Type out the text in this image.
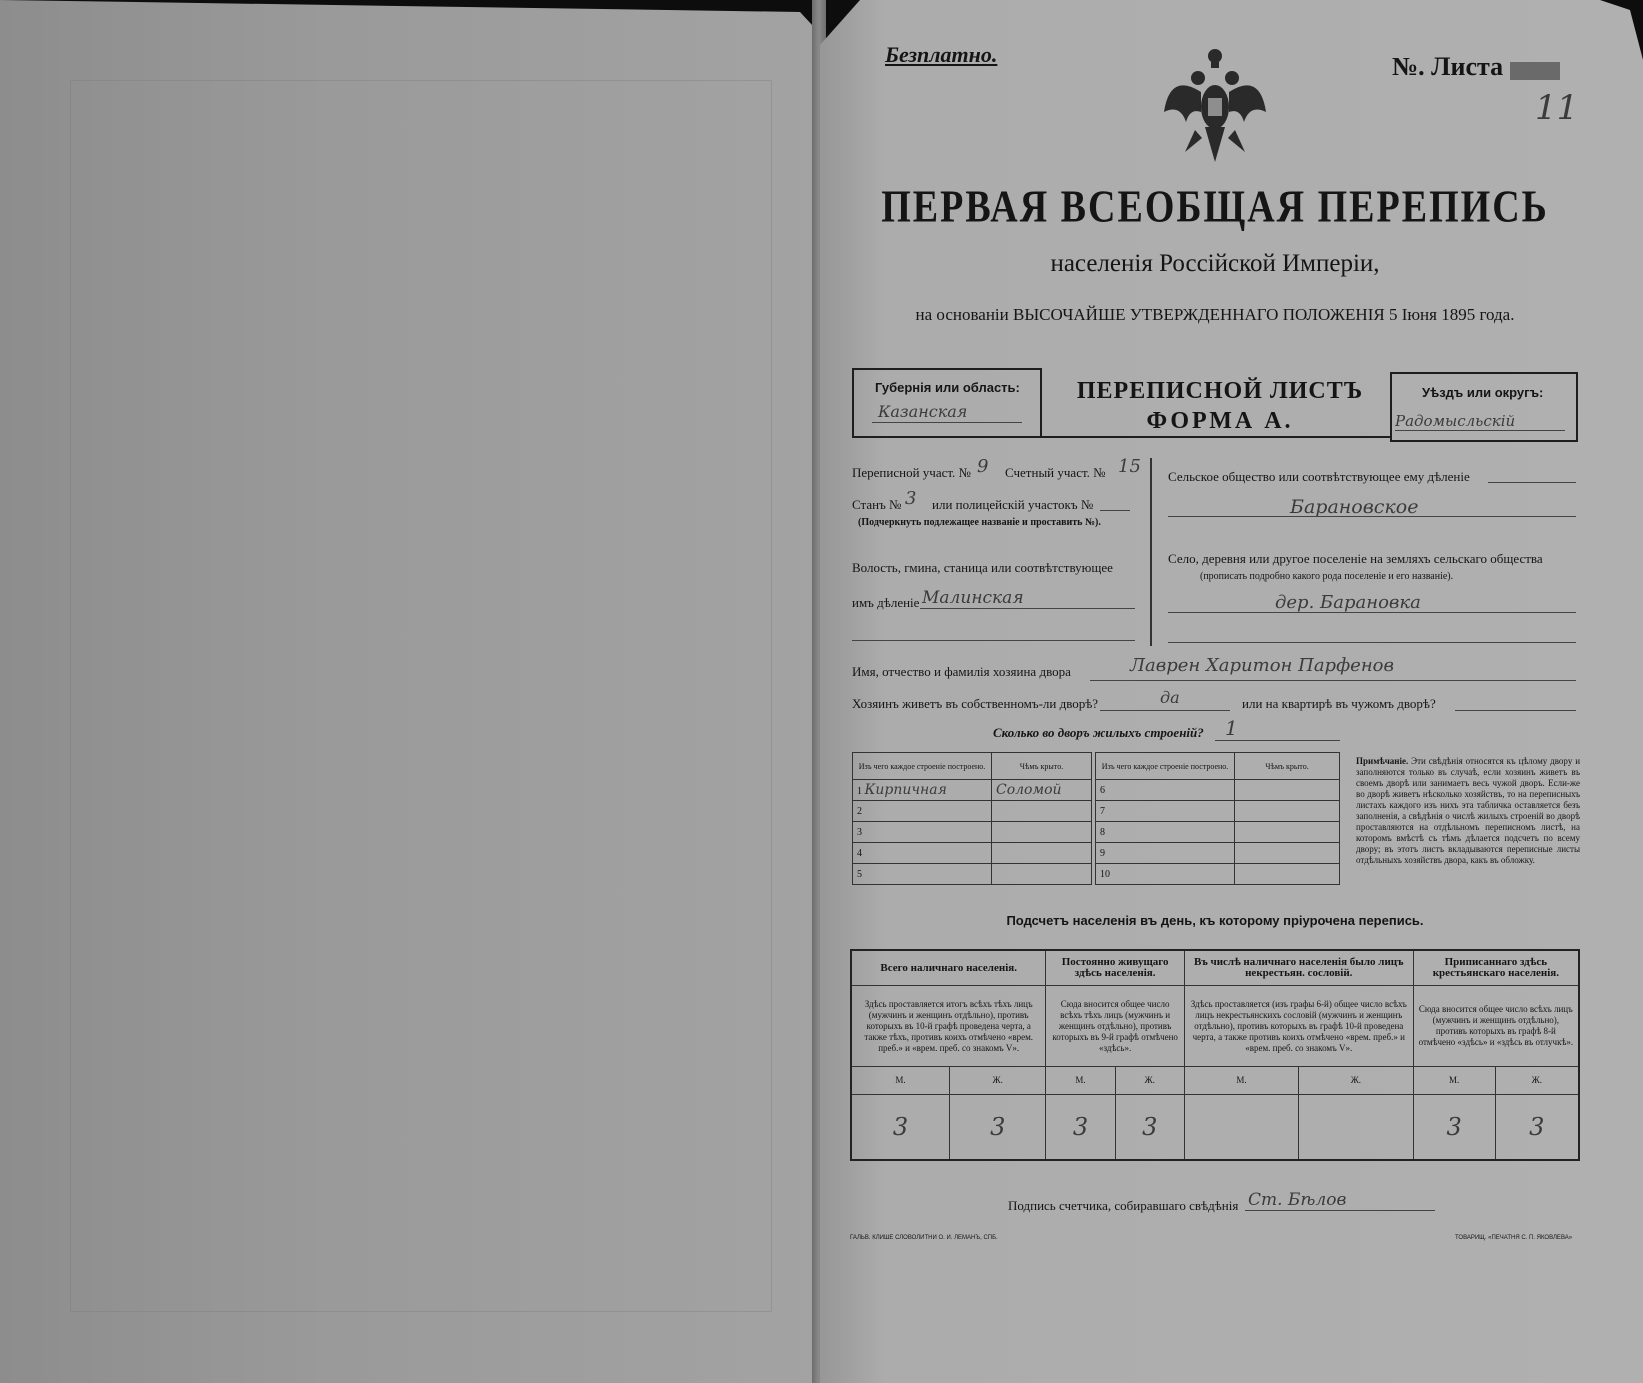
Безплатно.	№. Листа
11
ПЕРВАЯ ВСЕОБЩАЯ ПЕРЕПИСЬ
населенія Россійской Имперіи,
на основаніи ВЫСОЧАЙШЕ УТВЕРЖДЕННАГО ПОЛОЖЕНІЯ 5 Іюня 1895 года.
Губернія или область:
Казанская
ПЕРЕПИСНОЙ ЛИСТЪ
ФОРМА А.
Уѣздъ или округъ:
Радомысльскій
Переписной участ. № 9 Счетный участ. № 15
Станъ № 3 или полицейскій участокъ №
(Подчеркнуть подлежащее названіе и проставить №).
Волость, гмина, станица или соотвѣтствующее
имъ дѣленіе Малинская
Сельское общество или соотвѣтствующее ему дѣленіе
Барановское
Село, деревня или другое поселеніе на земляхъ сельскаго общества
(прописать подробно какого рода поселеніе и его названіе).
дер. Барановка
Имя, отчество и фамилія хозяина двора	Лаврен Харитон Парфенов
Хозяинъ живетъ въ собственномъ-ли дворѣ?	да	или на квартирѣ въ чужомъ дворѣ?
Сколько во дворъ жилыхъ строеній? 1
Изъ чего каждое строеніе построено.	Чѣмъ крыто.
1 Кирпичная	Соломой
2	
3	
4	
5	
Изъ чего каждое строеніе построено.	Чѣмъ крыто.
6	
7	
8	
9	
10	
Примѣчаніе. Эти свѣдѣнія относятся къ цѣлому двору и заполняются только въ случаѣ, если хозяинъ живетъ въ своемъ дворѣ или занимаетъ весь чужой дворъ. Если-же во дворѣ живетъ нѣсколько хозяйствъ, то на переписныхъ листахъ каждого изъ нихъ эта табличка оставляется безъ заполненія, а свѣдѣнія о числѣ жилыхъ строеній во дворѣ проставляются на отдѣльномъ переписномъ листѣ, на которомъ вмѣстѣ съ тѣмъ дѣлается подсчетъ по всему двору; въ этотъ листъ вкладываются переписные листы отдѣльныхъ хозяйствъ двора, какъ въ обложку.
Подсчетъ населенія въ день, къ которому пріурочена перепись.
Всего наличнаго населенія.		Постоянно живущаго здѣсь населенія.		Въ числѣ наличнаго населенія было лицъ некрестьян. сословій.		Приписаннаго здѣсь крестьянскаго населенія.	
Здѣсь проставляется итогъ всѣхъ тѣхъ лицъ (мужчинъ и женщинъ отдѣльно), противъ которыхъ въ 10-й графѣ проведена черта, а также тѣхъ, противъ коихъ отмѣчено «врем. преб.» и «врем. преб. со знакомъ V».		Сюда вносится общее число всѣхъ тѣхъ лицъ (мужчинъ и женщинъ отдѣльно), противъ которыхъ въ 9-й графѣ отмѣчено «здѣсь».		Здѣсь проставляется (изъ графы 6-й) общее число всѣхъ лицъ некрестьянскихъ сословій (мужчинъ и женщинъ отдѣльно), противъ которыхъ въ графѣ 10-й проведена черта, а также противъ коихъ отмѣчено «врем. преб.» и «врем. преб. со знакомъ V».		Сюда вносится общее число всѣхъ лицъ (мужчинъ и женщинъ отдѣльно), противъ которыхъ въ графѣ 8-й отмѣчено «здѣсь» и «здѣсь въ отлучкѣ».	
М.	Ж.	М.	Ж.	М.	Ж.	М.	Ж.
3	3	3	3			3	3
Подпись счетчика, собиравшаго свѣдѣнія Ст. Бѣлов
ГАЛЬВ. КЛИШЕ СЛОВОЛИТНИ О. И. ЛЕМАНЪ, СПБ.	ТОВАРИЩ. «ПЕЧАТНЯ С. П. ЯКОВЛЕВА»
